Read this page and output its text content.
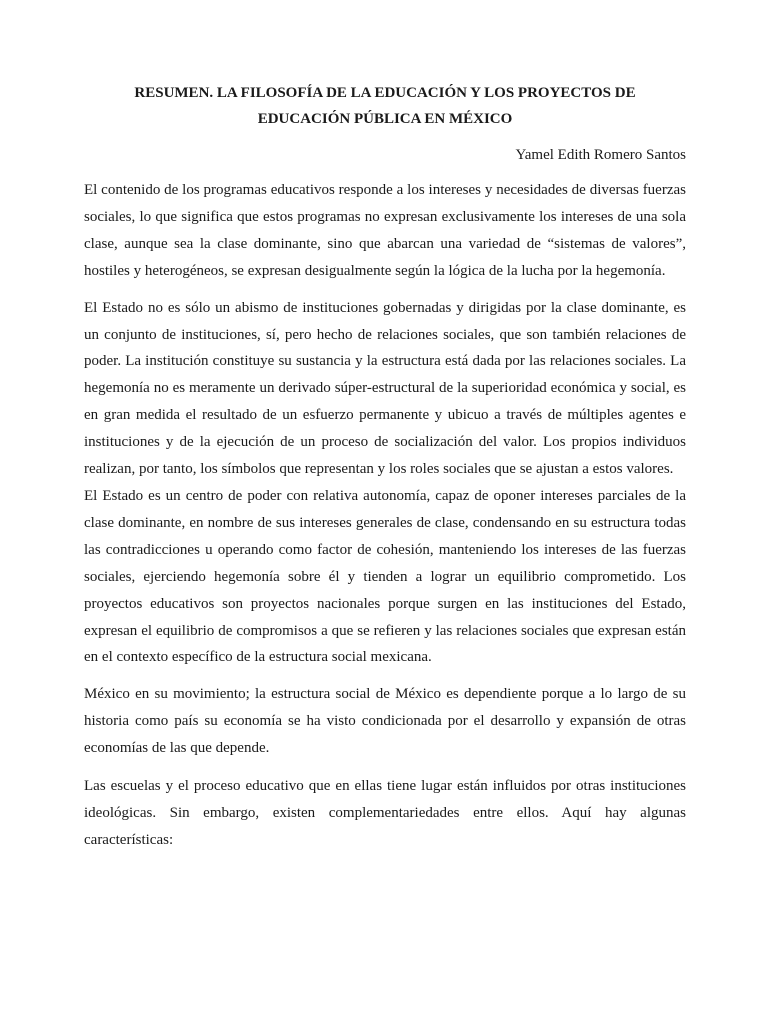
RESUMEN. LA FILOSOFÍA DE LA EDUCACIÓN Y LOS PROYECTOS DE
EDUCACIÓN PÚBLICA EN MÉXICO

Yamel Edith Romero Santos

El contenido de los programas educativos responde a los intereses y necesidades de diversas fuerzas sociales, lo que significa que estos programas no expresan exclusivamente los intereses de una sola clase, aunque sea la clase dominante, sino que abarcan una variedad de “sistemas de valores”, hostiles y heterogéneos, se expresan desigualmente según la lógica de la lucha por la hegemonía.

El Estado no es sólo un abismo de instituciones gobernadas y dirigidas por la clase dominante, es un conjunto de instituciones, sí, pero hecho de relaciones sociales, que son también relaciones de poder. La institución constituye su sustancia y la estructura está dada por las relaciones sociales. La hegemonía no es meramente un derivado súper-estructural de la superioridad económica y social, es en gran medida el resultado de un esfuerzo permanente y ubicuo a través de múltiples agentes e instituciones y de la ejecución de un proceso de socialización del valor. Los propios individuos realizan, por tanto, los símbolos que representan y los roles sociales que se ajustan a estos valores.

El Estado es un centro de poder con relativa autonomía, capaz de oponer intereses parciales de la clase dominante, en nombre de sus intereses generales de clase, condensando en su estructura todas las contradicciones u operando como factor de cohesión, manteniendo los intereses de las fuerzas sociales, ejerciendo hegemonía sobre él y tienden a lograr un equilibrio comprometido. Los proyectos educativos son proyectos nacionales porque surgen en las instituciones del Estado, expresan el equilibrio de compromisos a que se refieren y las relaciones sociales que expresan están en el contexto específico de la estructura social mexicana.

México en su movimiento; la estructura social de México es dependiente porque a lo largo de su historia como país su economía se ha visto condicionada por el desarrollo y expansión de otras economías de las que depende.

Las escuelas y el proceso educativo que en ellas tiene lugar están influidos por otras instituciones ideológicas. Sin embargo, existen complementariedades entre ellos. Aquí hay algunas características:
